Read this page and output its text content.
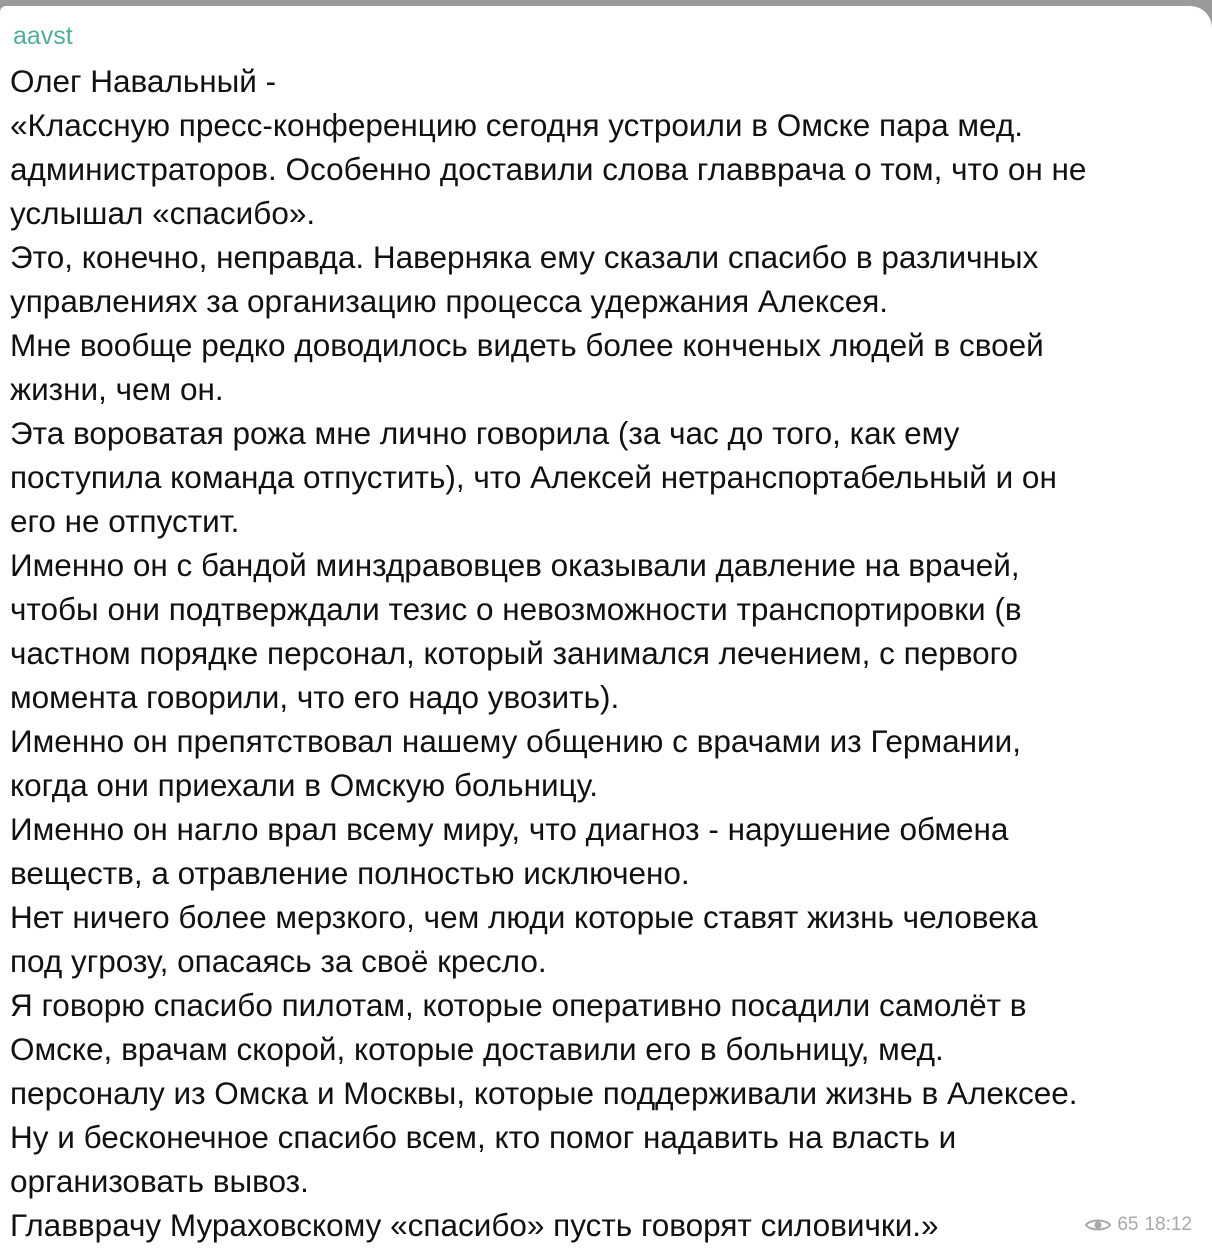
aavst
Олег Навальный -
«Классную пресс-конференцию сегодня устроили в Омске пара мед.
администраторов. Особенно доставили слова главврача о том, что он не
услышал «спасибо».
Это, конечно, неправда. Наверняка ему сказали спасибо в различных
управлениях за организацию процесса удержания Алексея.
Мне вообще редко доводилось видеть более конченых людей в своей
жизни, чем он.
Эта вороватая рожа мне лично говорила (за час до того, как ему
поступила команда отпустить), что Алексей нетранспортабельный и он
его не отпустит.
Именно он с бандой минздравовцев оказывали давление на врачей,
чтобы они подтверждали тезис о невозможности транспортировки (в
частном порядке персонал, который занимался лечением, с первого
момента говорили, что его надо увозить).
Именно он препятствовал нашему общению с врачами из Германии,
когда они приехали в Омскую больницу.
Именно он нагло врал всему миру, что диагноз - нарушение обмена
веществ, а отравление полностью исключено.
Нет ничего более мерзкого, чем люди которые ставят жизнь человека
под угрозу, опасаясь за своё кресло.
Я говорю спасибо пилотам, которые оперативно посадили самолёт в
Омске, врачам скорой, которые доставили его в больницу, мед.
персоналу из Омска и Москвы, которые поддерживали жизнь в Алексее.
Ну и бесконечное спасибо всем, кто помог надавить на власть и
организовать вывоз.
Главврачу Мураховскому «спасибо» пусть говорят силовички.»	65 18:12
